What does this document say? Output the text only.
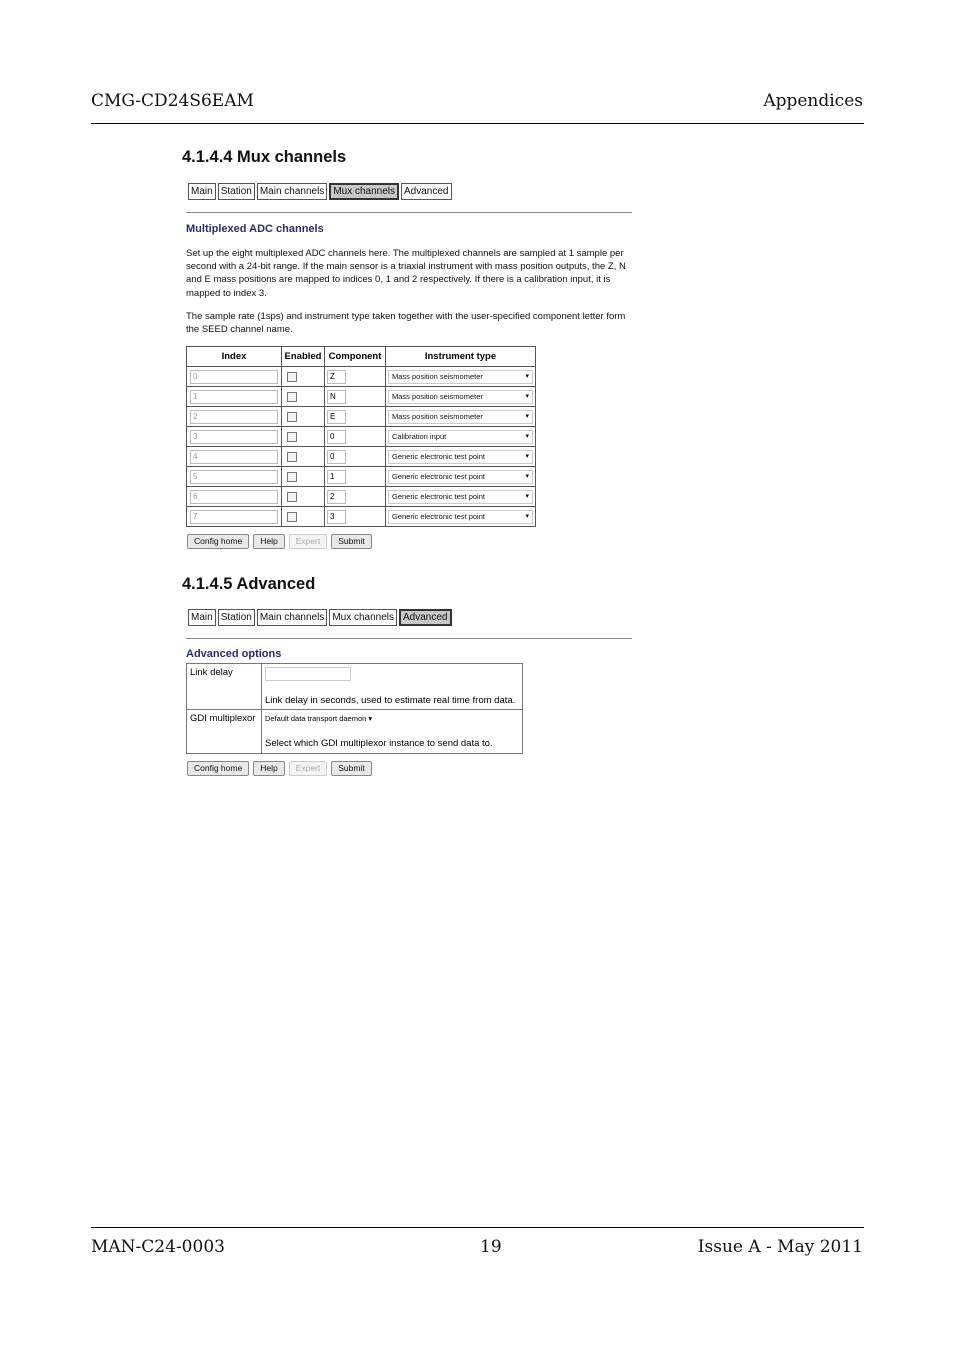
CMG-CD24S6EAM	Appendices
4.1.4.4 Mux channels
Main Station Main channels Mux channels Advanced
Multiplexed ADC channels
Set up the eight multiplexed ADC channels here. The multiplexed channels are sampled at 1 sample per second with a 24-bit range. If the main sensor is a triaxial instrument with mass position outputs, the Z, N and E mass positions are mapped to indices 0, 1 and 2 respectively. If there is a calibration input, it is mapped to index 3.
The sample rate (1sps) and instrument type taken together with the user-specified component letter form the SEED channel name.
Index	Enabled	Component	Instrument type

0		Z	Mass position seismometer ▾

1		N	Mass position seismometer ▾

2		E	Mass position seismometer ▾

3		0	Calibration input ▾

4		0	Generic electronic test point ▾

5		1	Generic electronic test point ▾

6		2	Generic electronic test point ▾

7		3	Generic electronic test point ▾
Config home	Help	Expert	Submit
4.1.4.5 Advanced
Main Station Main channels Mux channels Advanced
Advanced options
Link delay	Link delay in seconds, used to estimate real time from data.

GDI multiplexor	Default data transport daemon ▾
Select which GDI multiplexor instance to send data to.
Config home	Help	Expert	Submit
MAN-C24-0003	19	Issue A - May 2011
